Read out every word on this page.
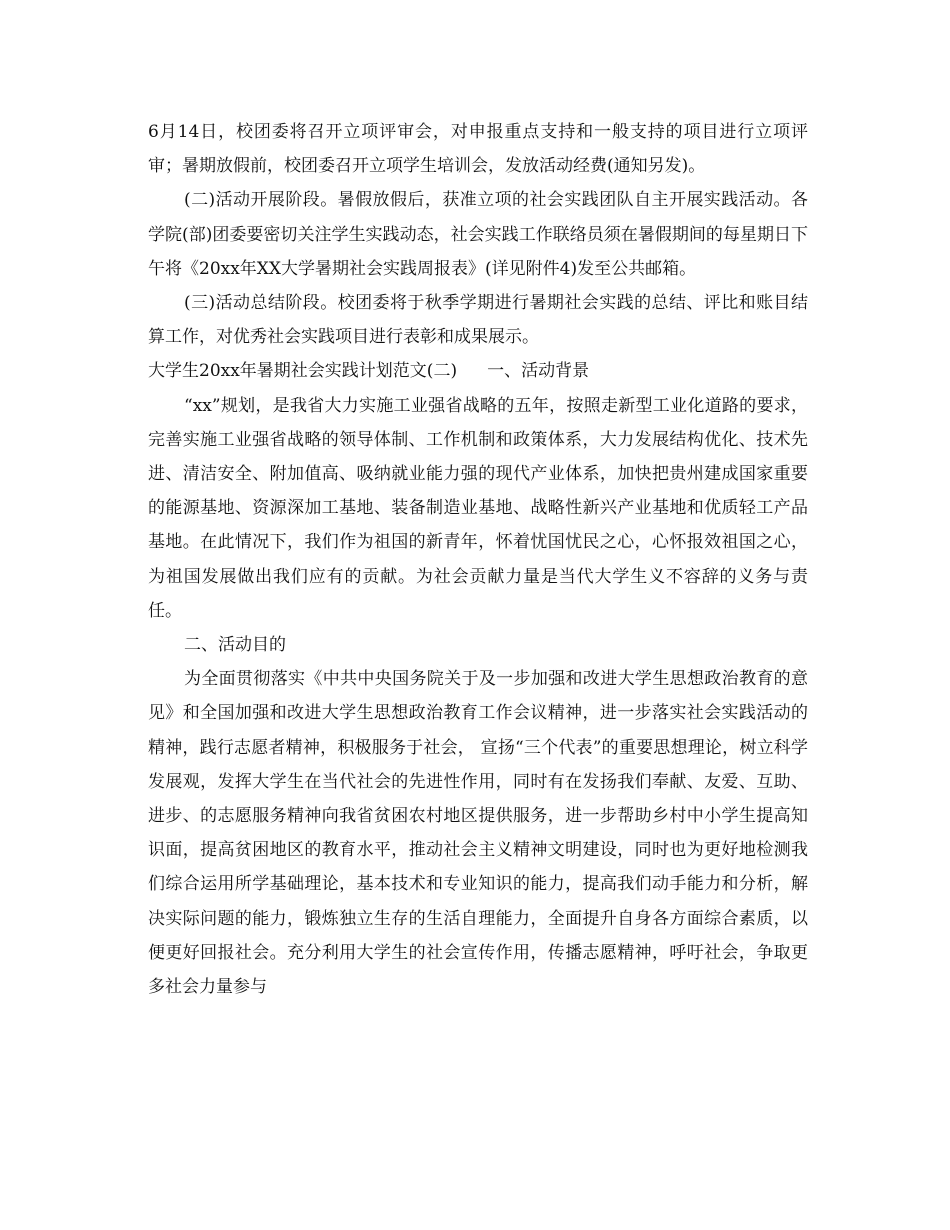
6月14日，校团委将召开立项评审会，对申报重点支持和一般支持的项目进行立项评审；暑期放假前，校团委召开立项学生培训会，发放活动经费(通知另发)。

(二)活动开展阶段。暑假放假后，获准立项的社会实践团队自主开展实践活动。各学院(部)团委要密切关注学生实践动态，社会实践工作联络员须在暑假期间的每星期日下午将《20xx年XX大学暑期社会实践周报表》(详见附件4)发至公共邮箱。

(三)活动总结阶段。校团委将于秋季学期进行暑期社会实践的总结、评比和账目结算工作，对优秀社会实践项目进行表彰和成果展示。

大学生20xx年暑期社会实践计划范文(二) 一、活动背景

“xx”规划，是我省大力实施工业强省战略的五年，按照走新型工业化道路的要求，完善实施工业强省战略的领导体制、工作机制和政策体系，大力发展结构优化、技术先进、清洁安全、附加值高、吸纳就业能力强的现代产业体系，加快把贵州建成国家重要的能源基地、资源深加工基地、装备制造业基地、战略性新兴产业基地和优质轻工产品基地。在此情况下，我们作为祖国的新青年，怀着忧国忧民之心，心怀报效祖国之心，为祖国发展做出我们应有的贡献。为社会贡献力量是当代大学生义不容辞的义务与责任。

二、活动目的

为全面贯彻落实《中共中央国务院关于及一步加强和改进大学生思想政治教育的意见》和全国加强和改进大学生思想政治教育工作会议精神，进一步落实社会实践活动的精神，践行志愿者精神，积极服务于社会， 宣扬“三个代表”的重要思想理论，树立科学发展观，发挥大学生在当代社会的先进性作用，同时有在发扬我们奉献、友爱、互助、进步、的志愿服务精神向我省贫困农村地区提供服务，进一步帮助乡村中小学生提高知识面，提高贫困地区的教育水平，推动社会主义精神文明建设，同时也为更好地检测我们综合运用所学基础理论，基本技术和专业知识的能力，提高我们动手能力和分析，解决实际问题的能力，锻炼独立生存的生活自理能力，全面提升自身各方面综合素质，以便更好回报社会。充分利用大学生的社会宣传作用，传播志愿精神，呼吁社会，争取更多社会力量参与
